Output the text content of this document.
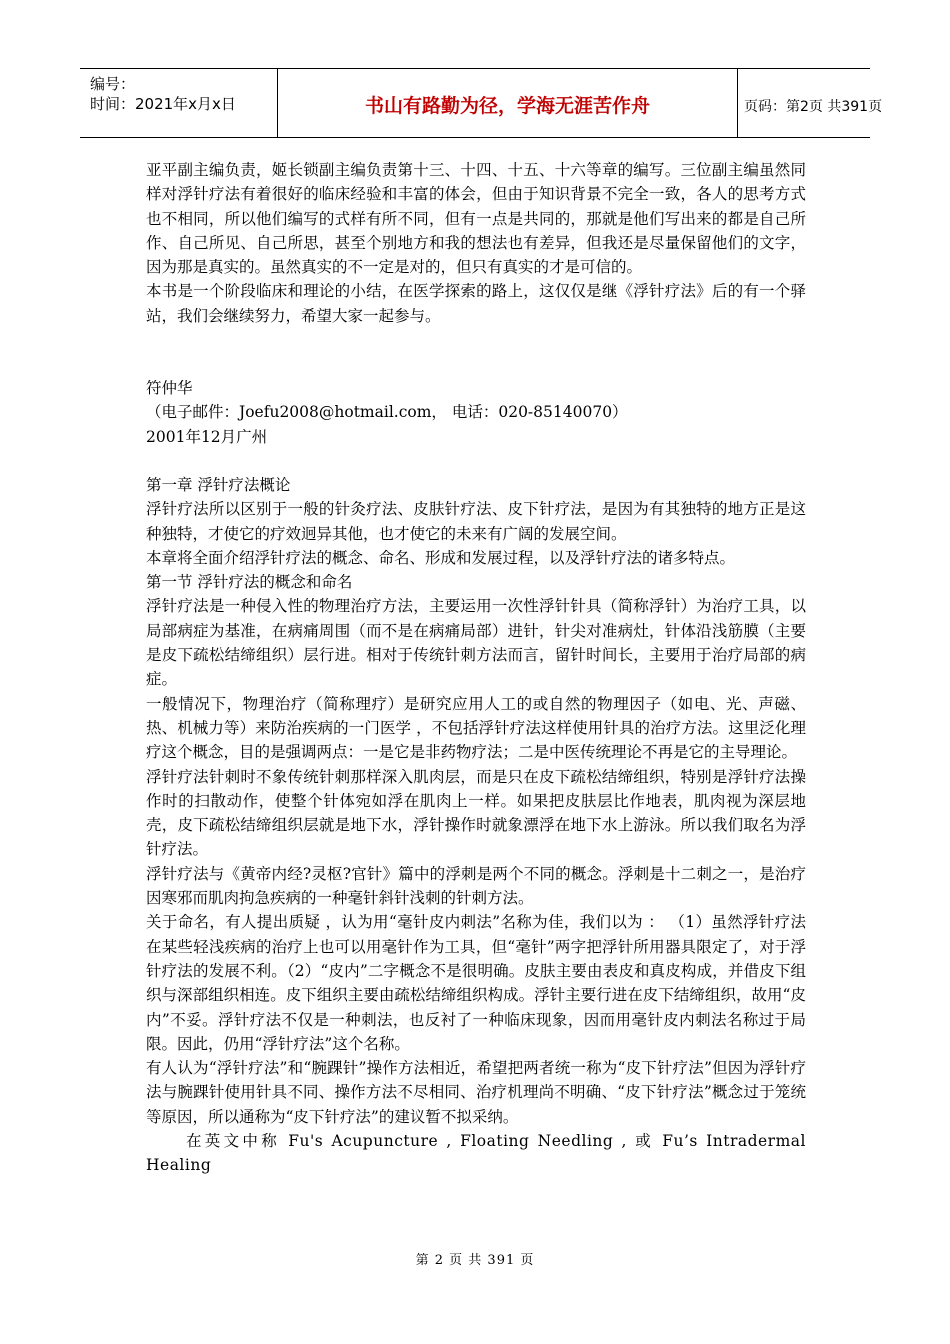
编号：
时间：2021年x月x日	书山有路勤为径，学海无涯苦作舟	页码：第2页 共391页

亚平副主编负责，姬长锁副主编负责第十三、十四、十五、十六等章的编写。三位副主编虽然同样对浮针疗法有着很好的临床经验和丰富的体会，但由于知识背景不完全一致，各人的思考方式也不相同，所以他们编写的式样有所不同，但有一点是共同的，那就是他们写出来的都是自己所作、自己所见、自己所思，甚至个别地方和我的想法也有差异，但我还是尽量保留他们的文字，因为那是真实的。虽然真实的不一定是对的，但只有真实的才是可信的。

本书是一个阶段临床和理论的小结，在医学探索的路上，这仅仅是继《浮针疗法》后的有一个驿站，我们会继续努力，希望大家一起参与。

符仲华

（电子邮件：Joefu2008@hotmail.com， 电话：020-85140070）

2001年12月广州

第一章 浮针疗法概论

浮针疗法所以区别于一般的针灸疗法、皮肤针疗法、皮下针疗法，是因为有其独特的地方正是这种独特，才使它的疗效迥异其他，也才使它的未来有广阔的发展空间。

本章将全面介绍浮针疗法的概念、命名、形成和发展过程，以及浮针疗法的诸多特点。

第一节 浮针疗法的概念和命名

浮针疗法是一种侵入性的物理治疗方法，主要运用一次性浮针针具（简称浮针）为治疗工具，以局部病症为基准，在病痛周围（而不是在病痛局部）进针，针尖对准病灶，针体沿浅筋膜（主要是皮下疏松结缔组织）层行进。相对于传统针刺方法而言，留针时间长，主要用于治疗局部的病症。

一般情况下，物理治疗（简称理疗）是研究应用人工的或自然的物理因子（如电、光、声磁、热、机械力等）来防治疾病的一门医学 ，不包括浮针疗法这样使用针具的治疗方法。这里泛化理疗这个概念，目的是强调两点：一是它是非药物疗法；二是中医传统理论不再是它的主导理论。

浮针疗法针刺时不象传统针刺那样深入肌肉层，而是只在皮下疏松结缔组织，特别是浮针疗法操作时的扫散动作，使整个针体宛如浮在肌肉上一样。如果把皮肤层比作地表，肌肉视为深层地壳，皮下疏松结缔组织层就是地下水，浮针操作时就象漂浮在地下水上游泳。所以我们取名为浮针疗法。

浮针疗法与《黄帝内经?灵枢?官针》篇中的浮刺是两个不同的概念。浮刺是十二刺之一，是治疗因寒邪而肌肉拘急疾病的一种毫针斜针浅刺的针刺方法。

关于命名，有人提出质疑 ，认为用“毫针皮内刺法”名称为佳，我们以为 ： （1）虽然浮针疗法在某些轻浅疾病的治疗上也可以用毫针作为工具，但“毫针”两字把浮针所用器具限定了，对于浮针疗法的发展不利。（2）“皮内”二字概念不是很明确。皮肤主要由表皮和真皮构成，并借皮下组织与深部组织相连。皮下组织主要由疏松结缔组织构成。浮针主要行进在皮下结缔组织，故用“皮内”不妥。浮针疗法不仅是一种刺法，也反衬了一种临床现象，因而用毫针皮内刺法名称过于局限。因此，仍用“浮针疗法”这个名称。

有人认为“浮针疗法”和“腕踝针”操作方法相近，希望把两者统一称为“皮下针疗法”但因为浮针疗法与腕踝针使用针具不同、操作方法不尽相同、治疗机理尚不明确、“皮下针疗法”概念过于笼统等原因，所以通称为“皮下针疗法”的建议暂不拟采纳。

在英文中称 Fu's Acupuncture , Floating Needling , 或 Fu’s Intradermal Healing

第 2 页 共 391 页
